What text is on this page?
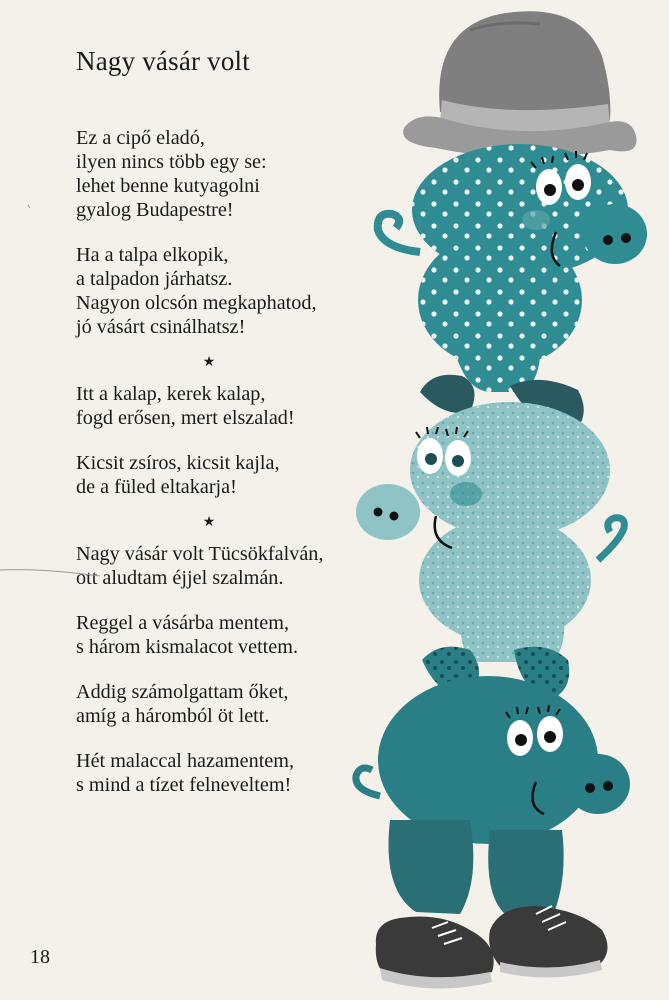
Nagy vásár volt
Ez a cipő eladó,
ilyen nincs több egy se:
lehet benne kutyagolni
gyalog Budapestre!
Ha a talpa elkopik,
a talpadon járhatsz.
Nagyon olcsón megkaphatod,
jó vásárt csinálhatsz!
★
Itt a kalap, kerek kalap,
fogd erősen, mert elszalad!
Kicsit zsíros, kicsit kajla,
de a füled eltakarja!
★
Nagy vásár volt Tücsökfalván,
ott aludtam éjjel szalmán.
Reggel a vásárba mentem,
s három kismalacot vettem.
Addig számolgattam őket,
amíg a háromból öt lett.
Hét malaccal hazamentem,
s mind a tízet felneveltem!
18
